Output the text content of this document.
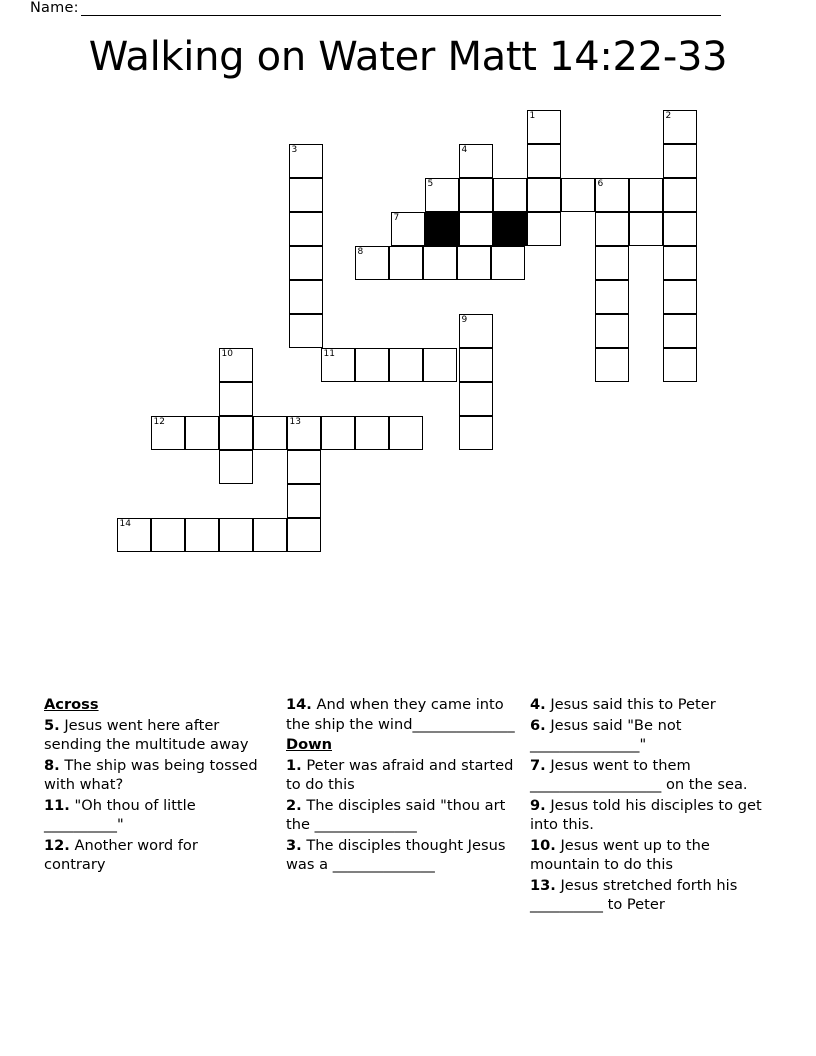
Name:
Walking on Water Matt 14:22-33
1	2
3	4
5	6
7
8
9
10	11
12	13
14
Across
5. Jesus went here after sending the multitude away
8. The ship was being tossed with what?
11. "Oh thou of little __________"
12. Another word for contrary
14. And when they came into the ship the wind______________
Down
1. Peter was afraid and started to do this
2. The disciples said "thou art the ______________
3. The disciples thought Jesus was a ______________
4. Jesus said this to Peter
6. Jesus said "Be not _______________"
7. Jesus went to them __________________ on the sea.
9. Jesus told his disciples to get into this.
10. Jesus went up to the mountain to do this
13. Jesus stretched forth his __________ to Peter
